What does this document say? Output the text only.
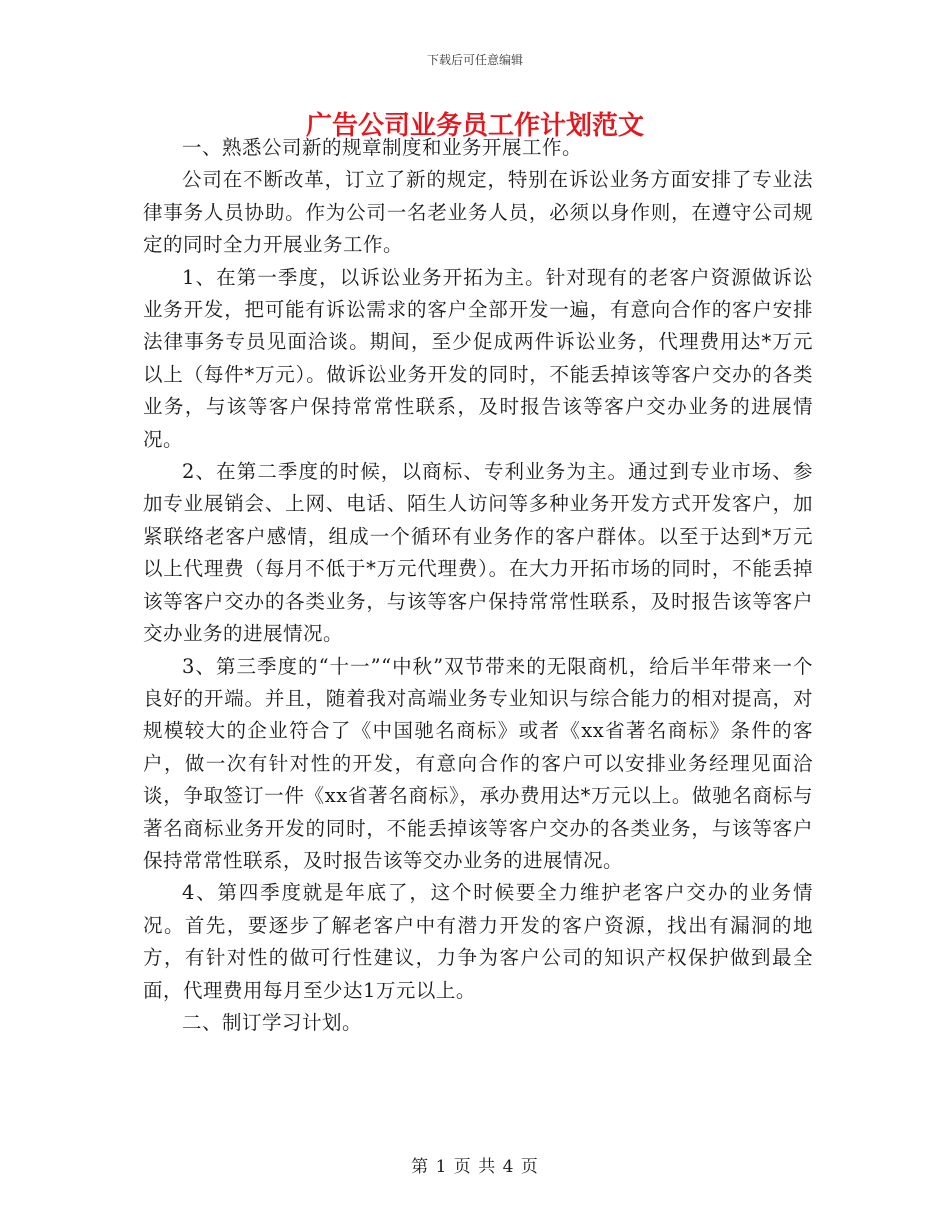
下载后可任意编辑
广告公司业务员工作计划范文

一、熟悉公司新的规章制度和业务开展工作。

公司在不断改革，订立了新的规定，特别在诉讼业务方面安排了专业法律事务人员协助。作为公司一名老业务人员，必须以身作则，在遵守公司规定的同时全力开展业务工作。

1、在第一季度，以诉讼业务开拓为主。针对现有的老客户资源做诉讼业务开发，把可能有诉讼需求的客户全部开发一遍，有意向合作的客户安排法律事务专员见面洽谈。期间，至少促成两件诉讼业务，代理费用达*万元以上（每件*万元）。做诉讼业务开发的同时，不能丢掉该等客户交办的各类业务，与该等客户保持常常性联系，及时报告该等客户交办业务的进展情况。

2、在第二季度的时候，以商标、专利业务为主。通过到专业市场、参加专业展销会、上网、电话、陌生人访问等多种业务开发方式开发客户，加紧联络老客户感情，组成一个循环有业务作的客户群体。以至于达到*万元以上代理费（每月不低于*万元代理费）。在大力开拓市场的同时，不能丢掉该等客户交办的各类业务，与该等客户保持常常性联系，及时报告该等客户交办业务的进展情况。

3、第三季度的“十一”“中秋”双节带来的无限商机，给后半年带来一个良好的开端。并且，随着我对高端业务专业知识与综合能力的相对提高，对规模较大的企业符合了《中国驰名商标》或者《xx省著名商标》条件的客户，做一次有针对性的开发，有意向合作的客户可以安排业务经理见面洽谈，争取签订一件《xx省著名商标》，承办费用达*万元以上。做驰名商标与著名商标业务开发的同时，不能丢掉该等客户交办的各类业务，与该等客户保持常常性联系，及时报告该等交办业务的进展情况。

4、第四季度就是年底了，这个时候要全力维护老客户交办的业务情况。首先，要逐步了解老客户中有潜力开发的客户资源，找出有漏洞的地方，有针对性的做可行性建议，力争为客户公司的知识产权保护做到最全面，代理费用每月至少达1万元以上。

二、制订学习计划。

第 1 页 共 4 页
